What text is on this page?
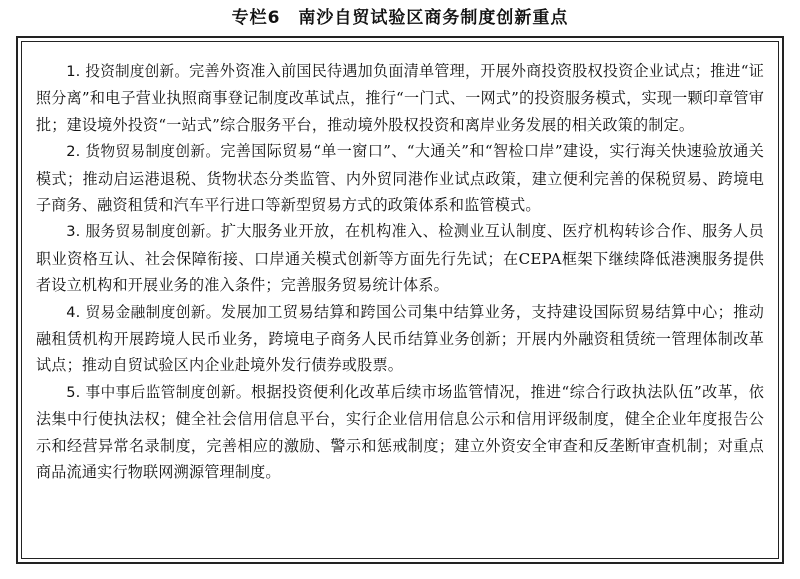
专栏6　南沙自贸试验区商务制度创新重点

1. 投资制度创新。完善外资准入前国民待遇加负面清单管理，开展外商投资股权投资企业试点；推进“证照分离”和电子营业执照商事登记制度改革试点，推行“一门式、一网式”的投资服务模式，实现一颗印章管审批；建设境外投资“一站式”综合服务平台，推动境外股权投资和离岸业务发展的相关政策的制定。

2. 货物贸易制度创新。完善国际贸易“单一窗口”、“大通关”和“智检口岸”建设，实行海关快速验放通关模式；推动启运港退税、货物状态分类监管、内外贸同港作业试点政策，建立便利完善的保税贸易、跨境电子商务、融资租赁和汽车平行进口等新型贸易方式的政策体系和监管模式。

3. 服务贸易制度创新。扩大服务业开放，在机构准入、检测业互认制度、医疗机构转诊合作、服务人员职业资格互认、社会保障衔接、口岸通关模式创新等方面先行先试；在CEPA框架下继续降低港澳服务提供者设立机构和开展业务的准入条件；完善服务贸易统计体系。

4. 贸易金融制度创新。发展加工贸易结算和跨国公司集中结算业务，支持建设国际贸易结算中心；推动融租赁机构开展跨境人民币业务，跨境电子商务人民币结算业务创新；开展内外融资租赁统一管理体制改革试点；推动自贸试验区内企业赴境外发行债券或股票。

5. 事中事后监管制度创新。根据投资便利化改革后续市场监管情况，推进“综合行政执法队伍”改革，依法集中行使执法权；健全社会信用信息平台，实行企业信用信息公示和信用评级制度，健全企业年度报告公示和经营异常名录制度，完善相应的激励、警示和惩戒制度；建立外资安全审查和反垄断审查机制；对重点商品流通实行物联网溯源管理制度。
